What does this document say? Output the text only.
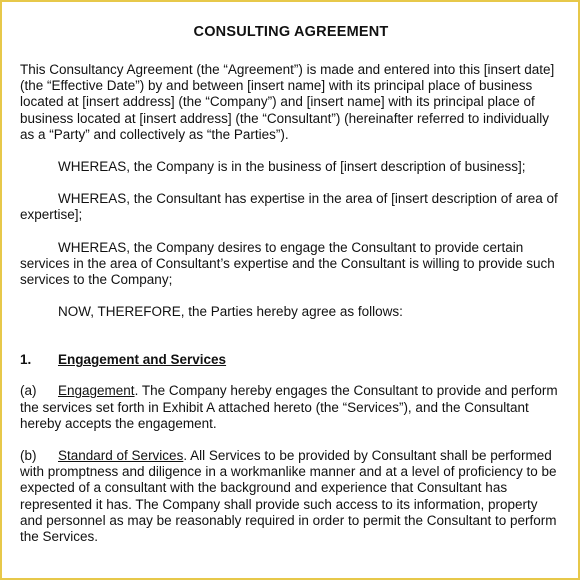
CONSULTING AGREEMENT

This Consultancy Agreement (the “Agreement”) is made and entered into this [insert date] (the “Effective Date”) by and between [insert name] with its principal place of business located at [insert address] (the “Company”) and [insert name] with its principal place of business located at [insert address] (the “Consultant”) (hereinafter referred to individually as a “Party” and collectively as “the Parties”).

WHEREAS, the Company is in the business of [insert description of business];

WHEREAS, the Consultant has expertise in the area of [insert description of area of expertise];

WHEREAS, the Company desires to engage the Consultant to provide certain services in the area of Consultant’s expertise and the Consultant is willing to provide such services to the Company;

NOW, THEREFORE, the Parties hereby agree as follows:

1.	Engagement and Services

(a) Engagement. The Company hereby engages the Consultant to provide and perform the services set forth in Exhibit A attached hereto (the “Services”), and the Consultant hereby accepts the engagement.

(b) Standard of Services. All Services to be provided by Consultant shall be performed with promptness and diligence in a workmanlike manner and at a level of proficiency to be expected of a consultant with the background and experience that Consultant has represented it has. The Company shall provide such access to its information, property and personnel as may be reasonably required in order to permit the Consultant to perform the Services.
